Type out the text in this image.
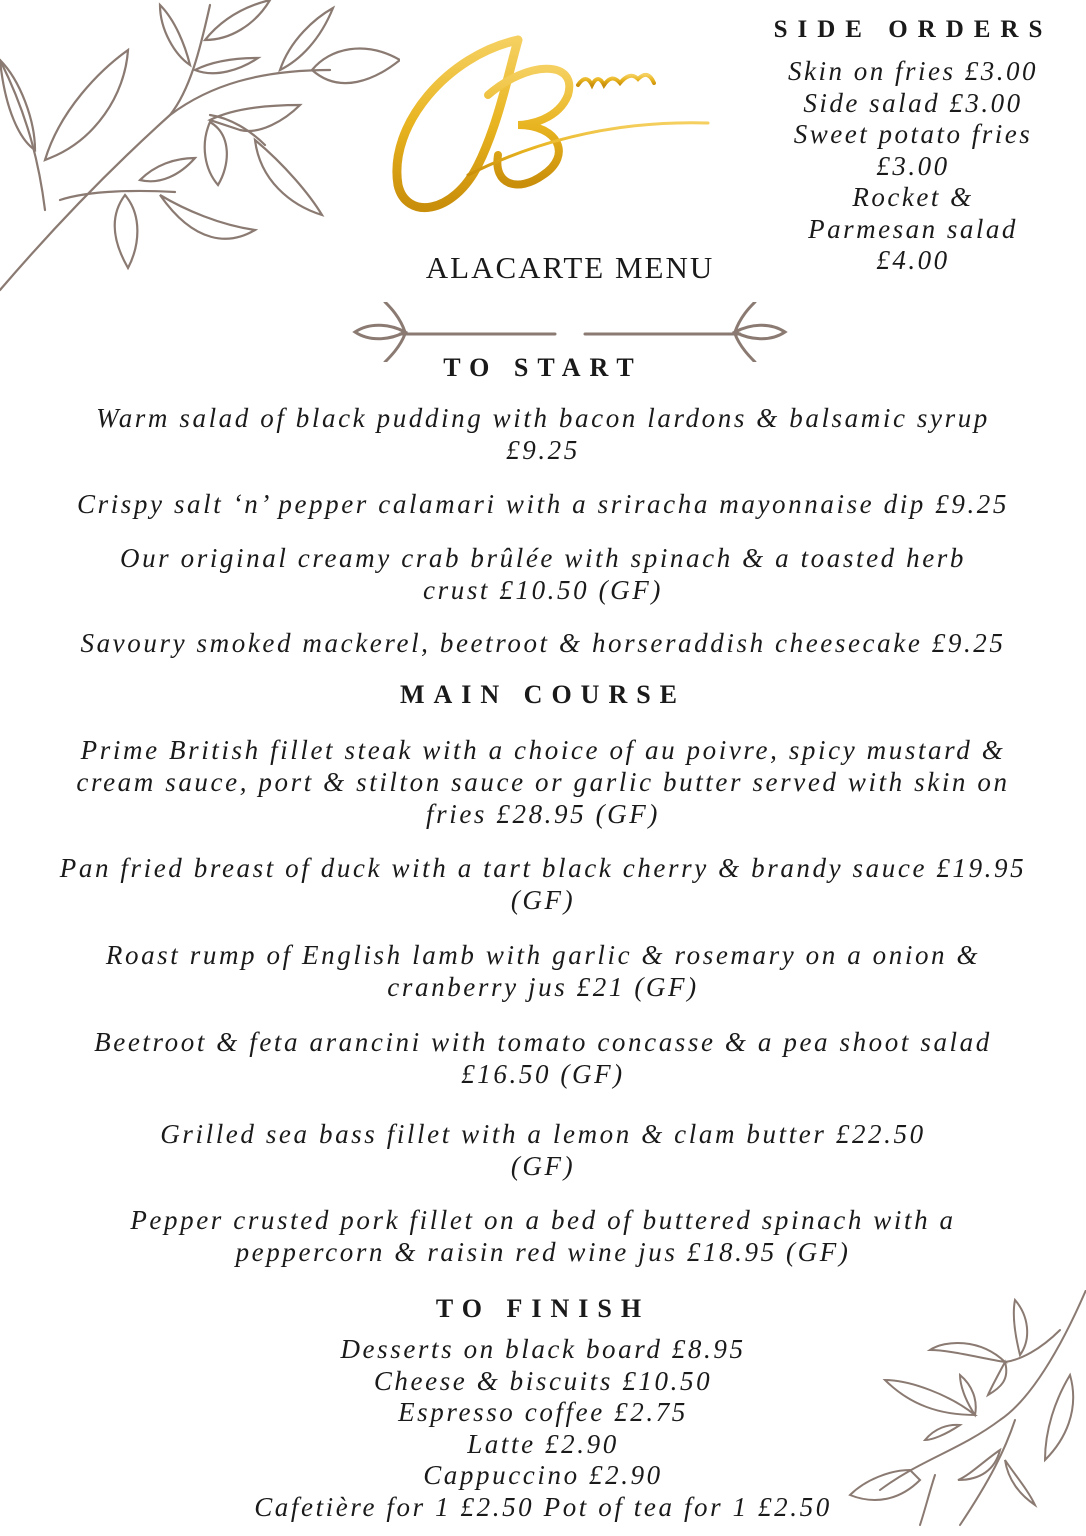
SIDE ORDERS
Skin on fries £3.00
Side salad £3.00
Sweet potato fries
£3.00
Rocket &
Parmesan salad
£4.00
ALACARTE MENU
TO START
Warm salad of black pudding with bacon lardons & balsamic syrup
£9.25
Crispy salt ‘n’ pepper calamari with a sriracha mayonnaise dip £9.25
Our original creamy crab brûlée with spinach & a toasted herb
crust £10.50 (GF)
Savoury smoked mackerel, beetroot & horseraddish cheesecake £9.25
MAIN COURSE
Prime British fillet steak with a choice of au poivre, spicy mustard &
cream sauce, port & stilton sauce or garlic butter served with skin on
fries £28.95 (GF)
Pan fried breast of duck with a tart black cherry & brandy sauce £19.95
(GF)
Roast rump of English lamb with garlic & rosemary on a onion &
cranberry jus £21 (GF)
Beetroot & feta arancini with tomato concasse & a pea shoot salad
£16.50 (GF)
Grilled sea bass fillet with a lemon & clam butter £22.50
(GF)
Pepper crusted pork fillet on a bed of buttered spinach with a
peppercorn & raisin red wine jus £18.95 (GF)
TO FINISH
Desserts on black board £8.95
Cheese & biscuits £10.50
Espresso coffee £2.75
Latte £2.90
Cappuccino £2.90
Cafetière for 1 £2.50 Pot of tea for 1 £2.50
